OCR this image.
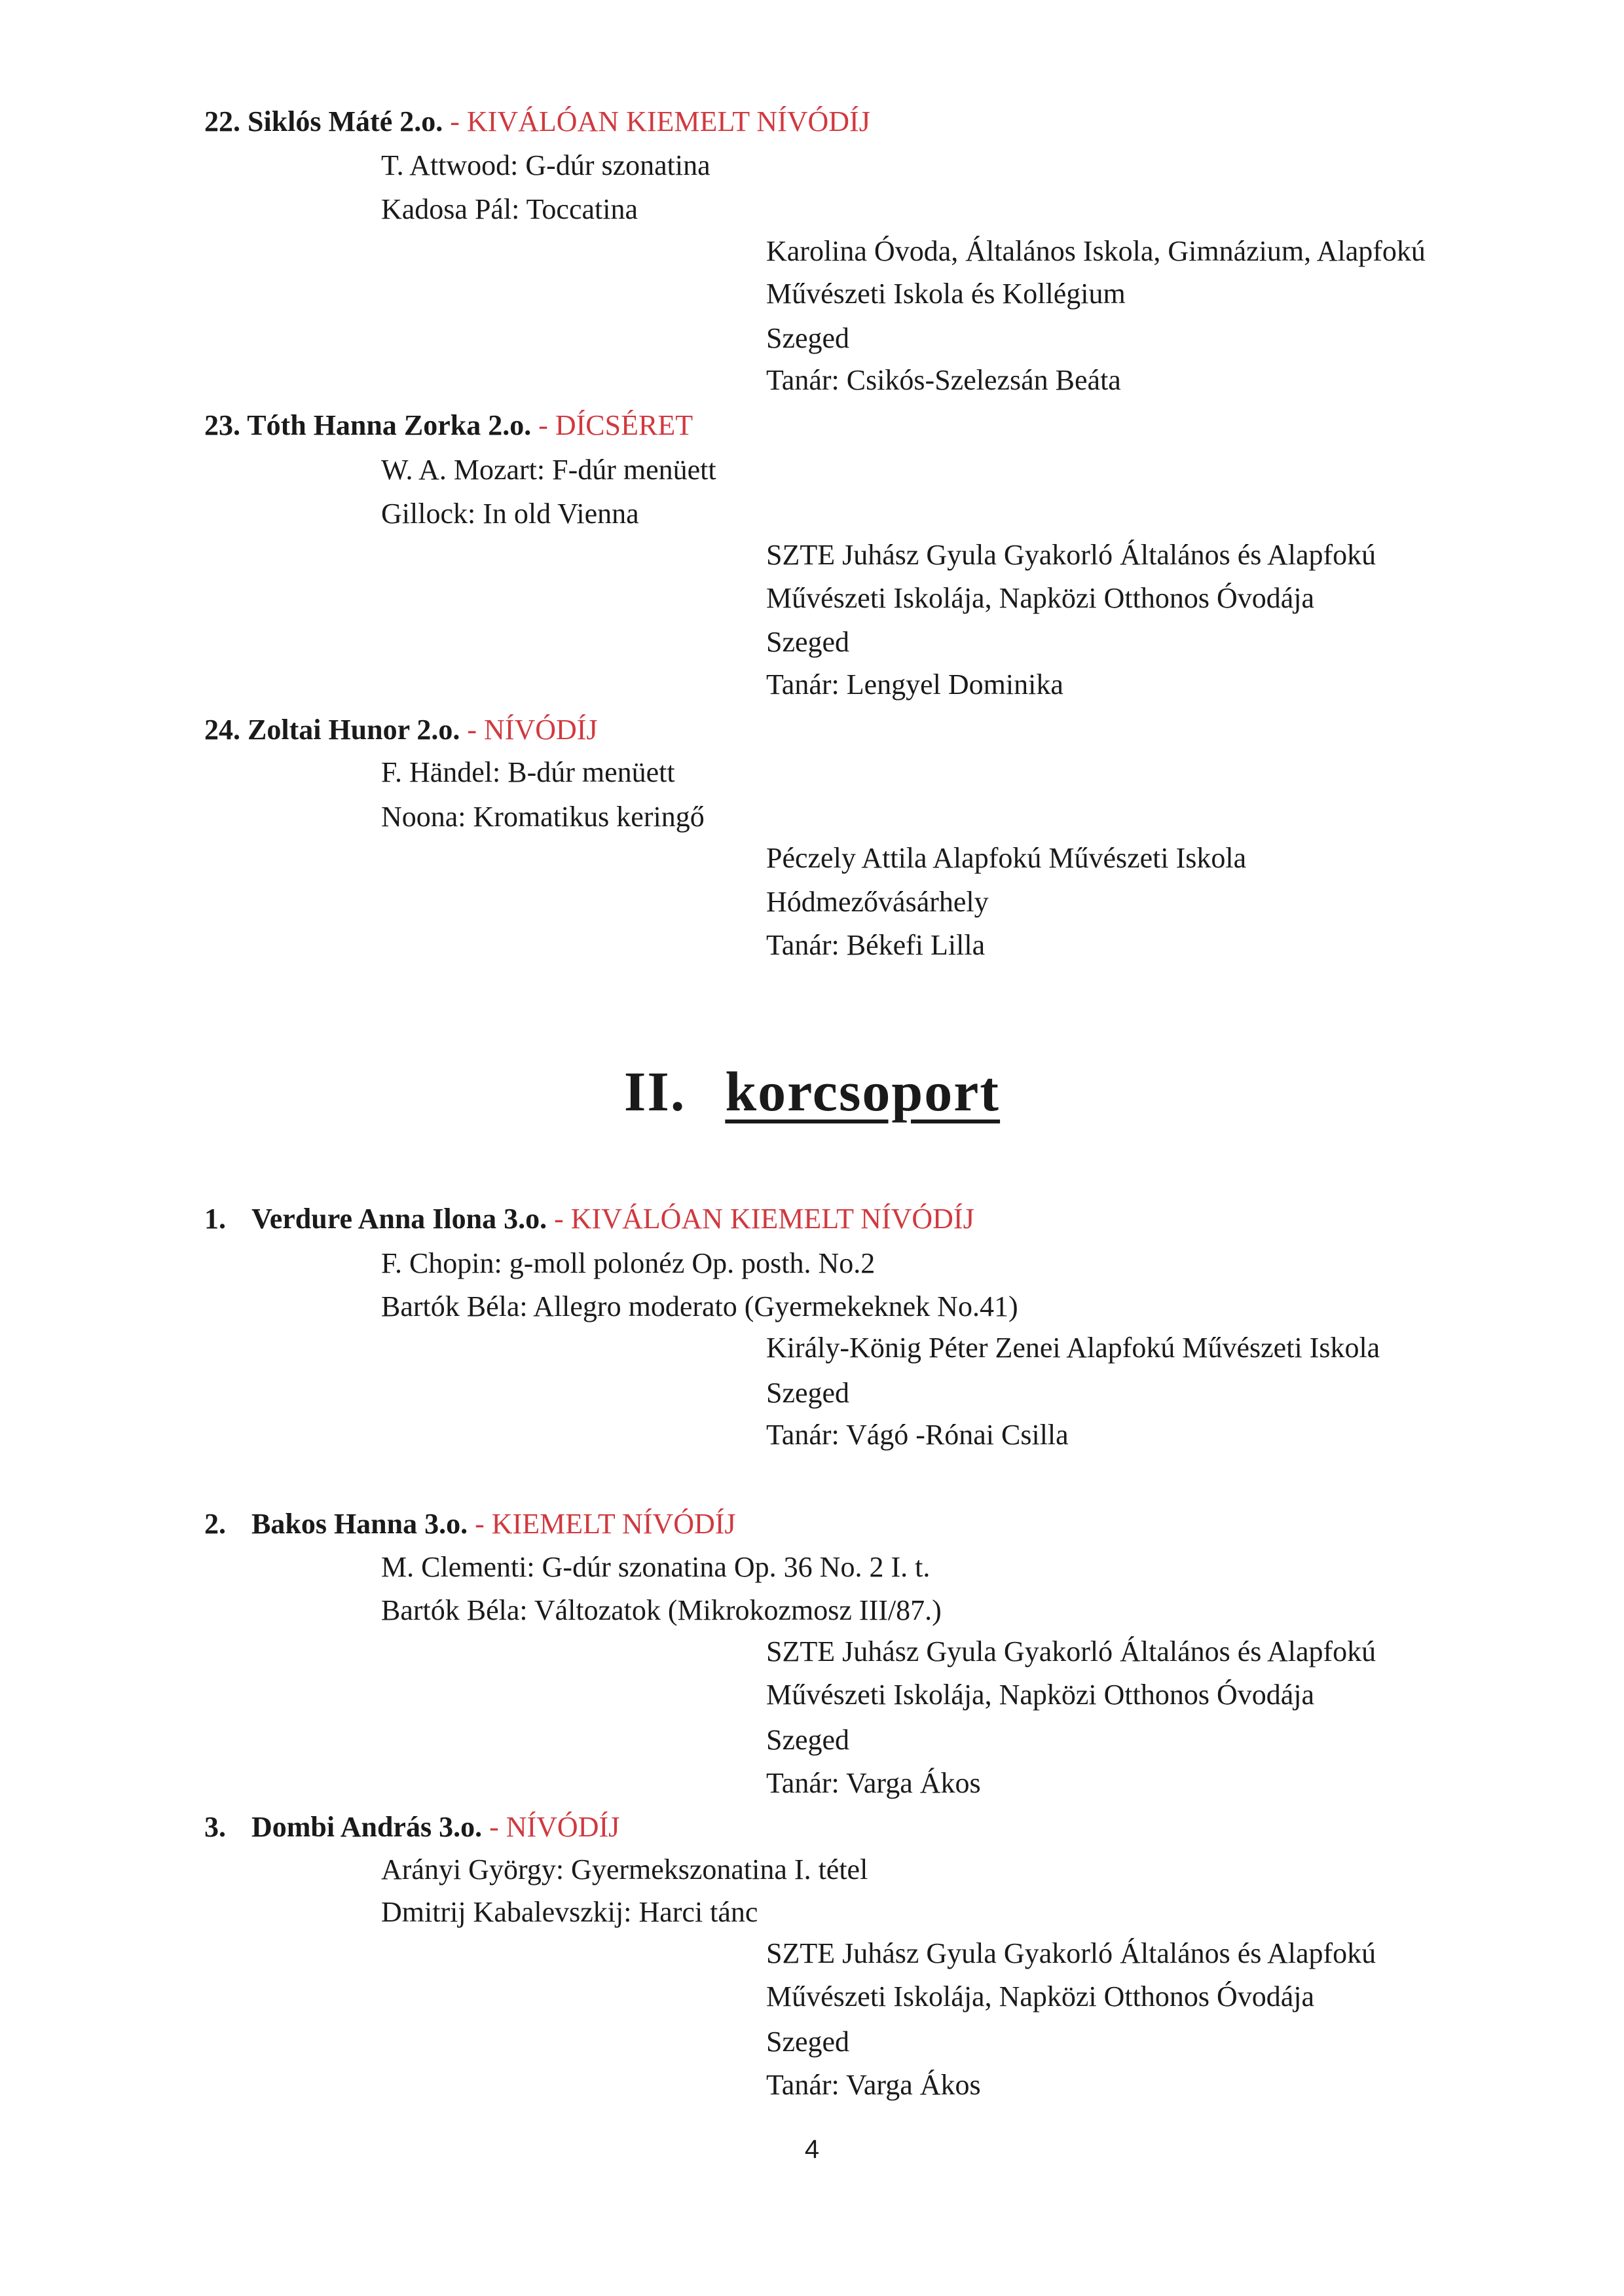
22. Siklós Máté 2.o. - KIVÁLÓAN KIEMELT NÍVÓDÍJ
T. Attwood: G-dúr szonatina
Kadosa Pál: Toccatina
Karolina Óvoda, Általános Iskola, Gimnázium, Alapfokú
Művészeti Iskola és Kollégium
Szeged
Tanár: Csikós-Szelezsán Beáta
23. Tóth Hanna Zorka 2.o. - DÍCSÉRET
W. A. Mozart: F-dúr menüett
Gillock: In old Vienna
SZTE Juhász Gyula Gyakorló Általános és Alapfokú
Művészeti Iskolája, Napközi Otthonos Óvodája
Szeged
Tanár: Lengyel Dominika
24. Zoltai Hunor 2.o. - NÍVÓDÍJ
F. Händel: B-dúr menüett
Noona: Kromatikus keringő
Péczely Attila Alapfokú Művészeti Iskola
Hódmezővásárhely
Tanár: Békefi Lilla
II. korcsoport
1. Verdure Anna Ilona 3.o. - KIVÁLÓAN KIEMELT NÍVÓDÍJ
F. Chopin: g-moll polonéz Op. posth. No.2
Bartók Béla: Allegro moderato (Gyermekeknek No.41)
Király-König Péter Zenei Alapfokú Művészeti Iskola
Szeged
Tanár: Vágó -Rónai Csilla
2. Bakos Hanna 3.o. - KIEMELT NÍVÓDÍJ
M. Clementi: G-dúr szonatina Op. 36 No. 2 I. t.
Bartók Béla: Változatok (Mikrokozmosz III/87.)
SZTE Juhász Gyula Gyakorló Általános és Alapfokú
Művészeti Iskolája, Napközi Otthonos Óvodája
Szeged
Tanár: Varga Ákos
3. Dombi András 3.o. - NÍVÓDÍJ
Arányi György: Gyermekszonatina I. tétel
Dmitrij Kabalevszkij: Harci tánc
SZTE Juhász Gyula Gyakorló Általános és Alapfokú
Művészeti Iskolája, Napközi Otthonos Óvodája
Szeged
Tanár: Varga Ákos
4
